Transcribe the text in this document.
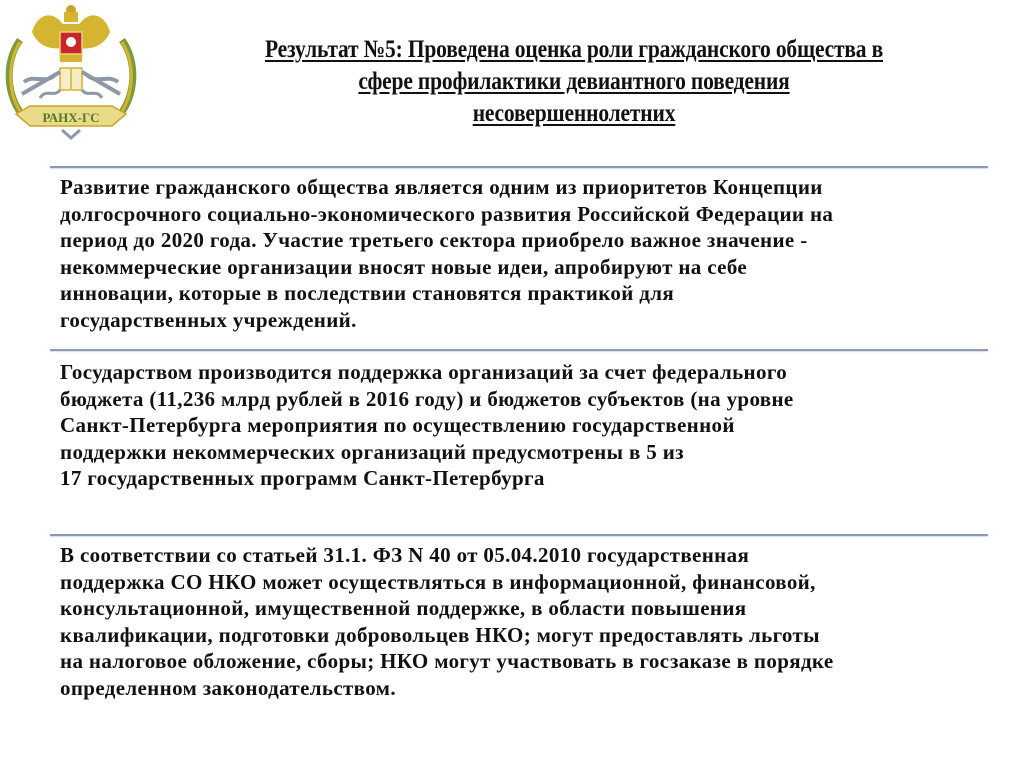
РАНХ-ГС
Результат №5: Проведена оценка роли гражданского общества в
сфере профилактики девиантного поведения
несовершеннолетних
Развитие гражданского общества является одним из приоритетов Концепции
долгосрочного социально-экономического развития Российской Федерации на
период до 2020 года. Участие третьего сектора приобрело важное значение -
некоммерческие организации вносят новые идеи, апробируют на себе
инновации, которые в последствии становятся практикой для
государственных учреждений.
Государством производится поддержка организаций за счет федерального
бюджета (11,236 млрд рублей в 2016 году) и бюджетов субъектов (на уровне
Санкт-Петербурга мероприятия по осуществлению государственной
поддержки некоммерческих организаций предусмотрены в 5 из
17 государственных программ Санкт-Петербурга
В соответствии со статьей 31.1. ФЗ N 40 от 05.04.2010 государственная
поддержка СО НКО может осуществляться в информационной, финансовой,
консультационной, имущественной поддержке, в области повышения
квалификации, подготовки добровольцев НКО; могут предоставлять льготы
на налоговое обложение, сборы; НКО могут участвовать в госзаказе в порядке
определенном законодательством.
